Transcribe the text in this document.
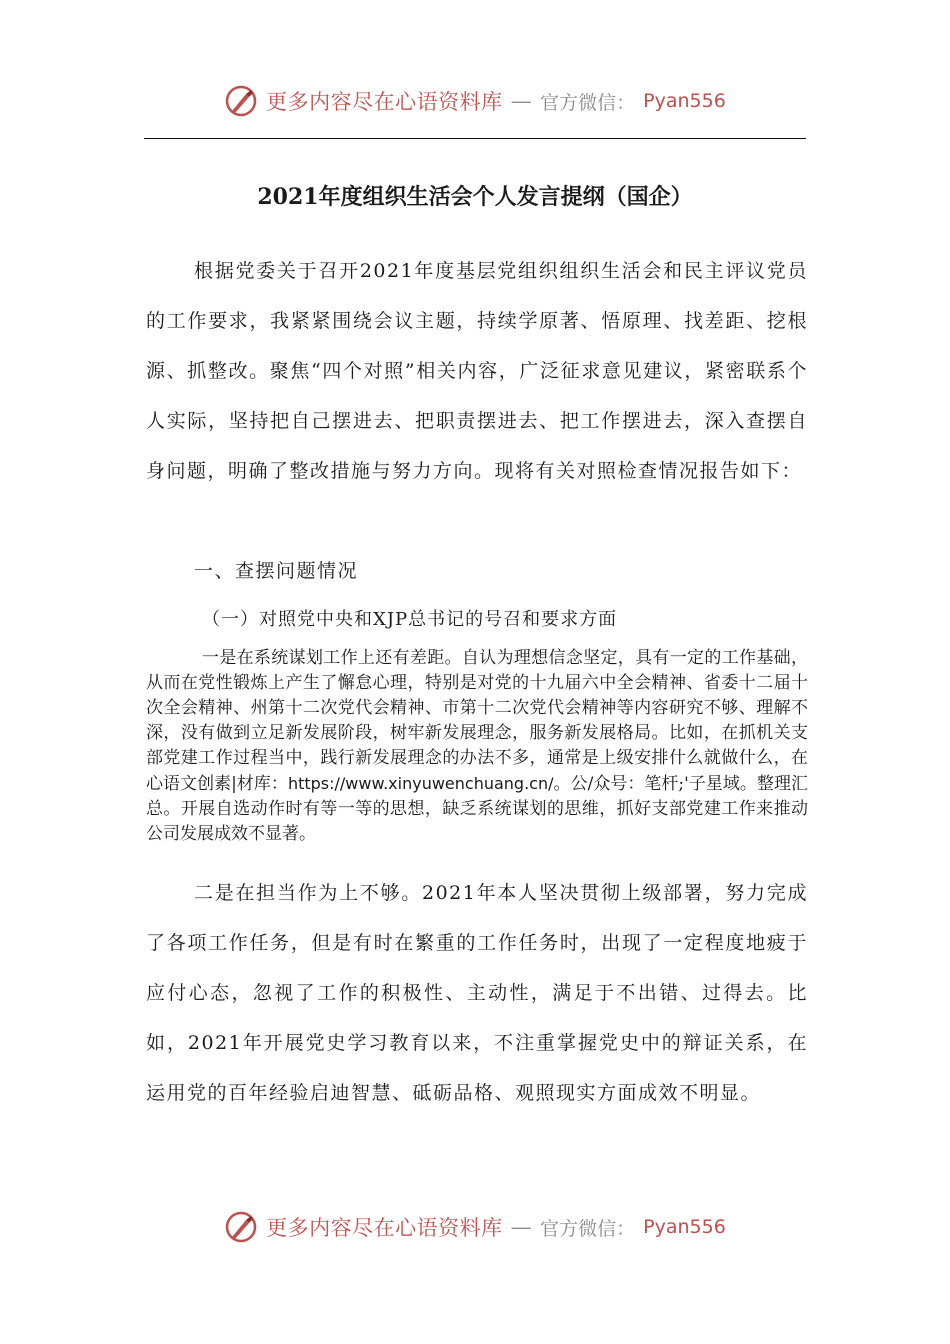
更多内容尽在心语资料库 — 官方微信： Pyan556
2021年度组织生活会个人发言提纲（国企）

根据党委关于召开2021年度基层党组织组织生活会和民主评议党员的工作要求，我紧紧围绕会议主题，持续学原著、悟原理、找差距、挖根源、抓整改。聚焦“四个对照”相关内容，广泛征求意见建议，紧密联系个人实际，坚持把自己摆进去、把职责摆进去、把工作摆进去，深入查摆自身问题，明确了整改措施与努力方向。现将有关对照检查情况报告如下：

一、查摆问题情况

（一）对照党中央和XJP总书记的号召和要求方面

一是在系统谋划工作上还有差距。自认为理想信念坚定，具有一定的工作基础，从而在党性锻炼上产生了懈怠心理，特别是对党的十九届六中全会精神、省委十二届十次全会精神、州第十二次党代会精神、市第十二次党代会精神等内容研究不够、理解不深，没有做到立足新发展阶段，树牢新发展理念，服务新发展格局。比如，在抓机关支部党建工作过程当中，践行新发展理念的办法不多，通常是上级安排什么就做什么，在心语文创素|材库：https://www.xinyuwenchuang.cn/。公/众号：笔杆;'子星域。整理汇总。开展自选动作时有等一等的思想，缺乏系统谋划的思维，抓好支部党建工作来推动公司发展成效不显著。

二是在担当作为上不够。2021年本人坚决贯彻上级部署，努力完成了各项工作任务，但是有时在繁重的工作任务时，出现了一定程度地疲于应付心态，忽视了工作的积极性、主动性，满足于不出错、过得去。比如，2021年开展党史学习教育以来，不注重掌握党史中的辩证关系，在运用党的百年经验启迪智慧、砥砺品格、观照现实方面成效不明显。

更多内容尽在心语资料库 — 官方微信： Pyan556
